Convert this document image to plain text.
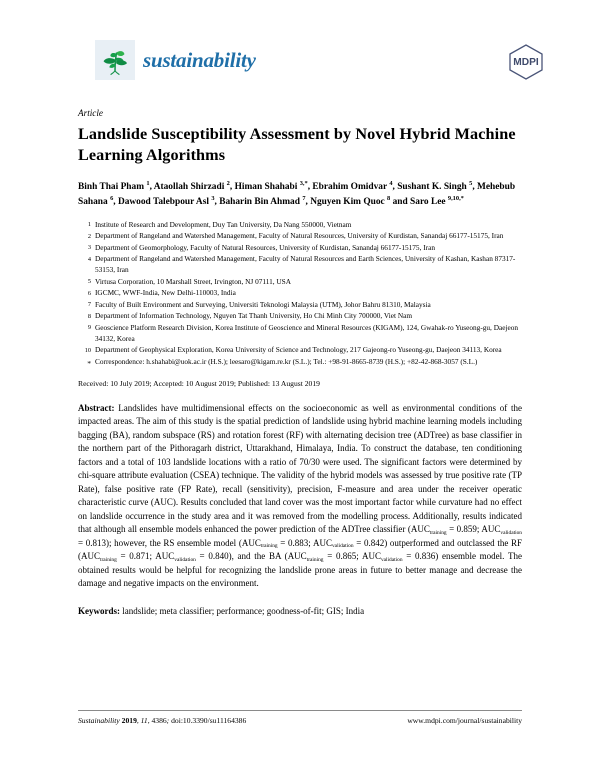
sustainability	MDPI
Article
Landslide Susceptibility Assessment by Novel Hybrid Machine Learning Algorithms
Binh Thai Pham $^1$, Ataollah Shirzadi $^2$, Himan Shahabi $^{3,*}$, Ebrahim Omidvar $^4$, Sushant K. Singh $^5$, Mehebub Sahana $^6$, Dawood Talebpour Asl $^3$, Baharin Bin Ahmad $^7$, Nguyen Kim Quoc $^8$ and Saro Lee $^{9,10,*}$
1 Institute of Research and Development, Duy Tan University, Da Nang 550000, Vietnam
2 Department of Rangeland and Watershed Management, Faculty of Natural Resources, University of Kurdistan, Sanandaj 66177-15175, Iran
3 Department of Geomorphology, Faculty of Natural Resources, University of Kurdistan, Sanandaj 66177-15175, Iran
4 Department of Rangeland and Watershed Management, Faculty of Natural Resources and Earth Sciences, University of Kashan, Kashan 87317-53153, Iran
5 Virtusa Corporation, 10 Marshall Street, Irvington, NJ 07111, USA
6 IGCMC, WWF-India, New Delhi-110003, India
7 Faculty of Built Environment and Surveying, Universiti Teknologi Malaysia (UTM), Johor Bahru 81310, Malaysia
8 Department of Information Technology, Nguyen Tat Thanh University, Ho Chi Minh City 700000, Viet Nam
9 Geoscience Platform Research Division, Korea Institute of Geoscience and Mineral Resources (KIGAM), 124, Gwahak-ro Yuseong-gu, Daejeon 34132, Korea
10 Department of Geophysical Exploration, Korea University of Science and Technology, 217 Gajeong-ro Yuseong-gu, Daejeon 34113, Korea
* Correspondence: h.shahabi@uok.ac.ir (H.S.); leesaro@kigam.re.kr (S.L.); Tel.: +98-91-8665-8739 (H.S.); +82-42-868-3057 (S.L.)
Received: 10 July 2019; Accepted: 10 August 2019; Published: 13 August 2019
Abstract: Landslides have multidimensional effects on the socioeconomic as well as environmental conditions of the impacted areas. The aim of this study is the spatial prediction of landslide using hybrid machine learning models including bagging (BA), random subspace (RS) and rotation forest (RF) with alternating decision tree (ADTree) as base classifier in the northern part of the Pithoragarh district, Uttarakhand, Himalaya, India. To construct the database, ten conditioning factors and a total of 103 landslide locations with a ratio of 70/30 were used. The significant factors were determined by chi-square attribute evaluation (CSEA) technique. The validity of the hybrid models was assessed by true positive rate (TP Rate), false positive rate (FP Rate), recall (sensitivity), precision, F-measure and area under the receiver operatic characteristic curve (AUC). Results concluded that land cover was the most important factor while curvature had no effect on landslide occurrence in the study area and it was removed from the modelling process. Additionally, results indicated that although all ensemble models enhanced the power prediction of the ADTree classifier ($AUC_{training} = 0.859$; $AUC_{validation} = 0.813$); however, the RS ensemble model ($AUC_{training} = 0.883$; $AUC_{validation} = 0.842$) outperformed and outclassed the RF ($AUC_{training} = 0.871$; $AUC_{validation} = 0.840$), and the BA ($AUC_{training} = 0.865$; $AUC_{validation} = 0.836$) ensemble model. The obtained results would be helpful for recognizing the landslide prone areas in future to better manage and decrease the damage and negative impacts on the environment.
Keywords: landslide; meta classifier; performance; goodness-of-fit; GIS; India
Sustainability 2019, 11, 4386; doi:10.3390/su11164386	www.mdpi.com/journal/sustainability
